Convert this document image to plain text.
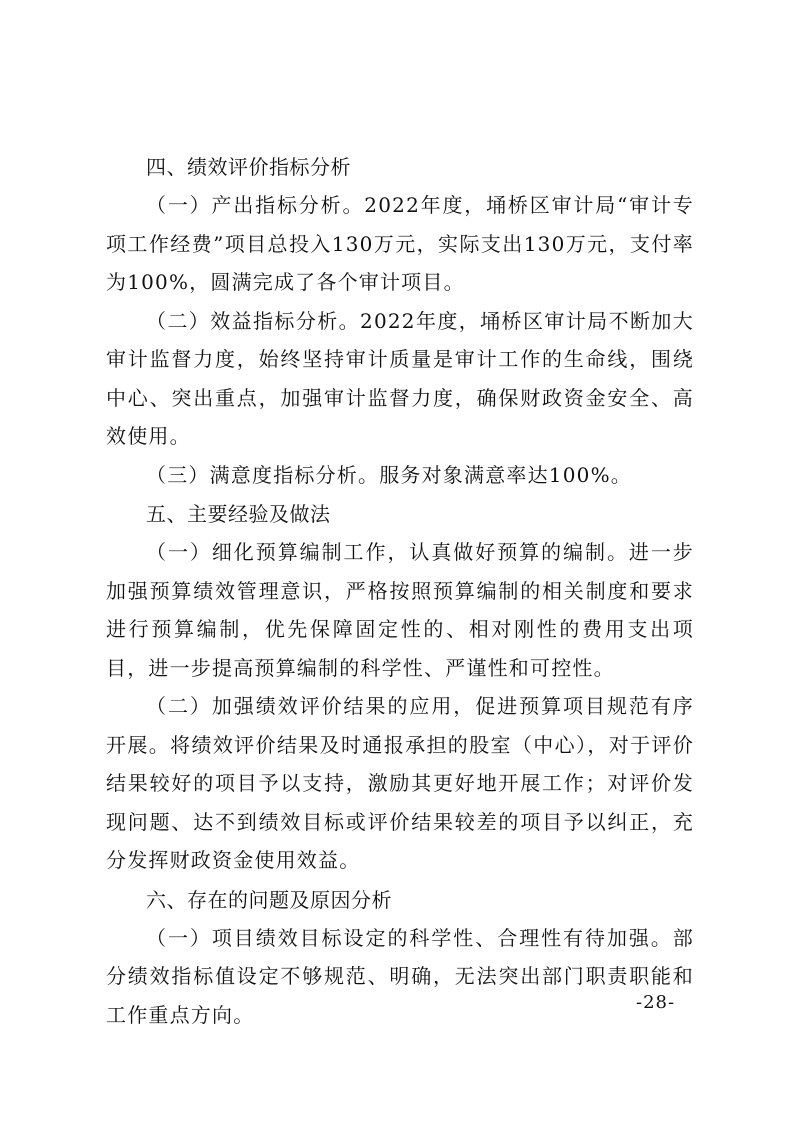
四、绩效评价指标分析

（一）产出指标分析。2022年度，埇桥区审计局“审计专项工作经费”项目总投入130万元，实际支出130万元，支付率为100%，圆满完成了各个审计项目。

（二）效益指标分析。2022年度，埇桥区审计局不断加大审计监督力度，始终坚持审计质量是审计工作的生命线，围绕中心、突出重点，加强审计监督力度，确保财政资金安全、高效使用。

（三）满意度指标分析。服务对象满意率达100%。

五、主要经验及做法

（一）细化预算编制工作，认真做好预算的编制。进一步加强预算绩效管理意识，严格按照预算编制的相关制度和要求进行预算编制，优先保障固定性的、相对刚性的费用支出项目，进一步提高预算编制的科学性、严谨性和可控性。

（二）加强绩效评价结果的应用，促进预算项目规范有序开展。将绩效评价结果及时通报承担的股室（中心），对于评价结果较好的项目予以支持，激励其更好地开展工作；对评价发现问题、达不到绩效目标或评价结果较差的项目予以纠正，充分发挥财政资金使用效益。

六、存在的问题及原因分析

（一）项目绩效目标设定的科学性、合理性有待加强。部分绩效指标值设定不够规范、明确，无法突出部门职责职能和工作重点方向。	-28-
